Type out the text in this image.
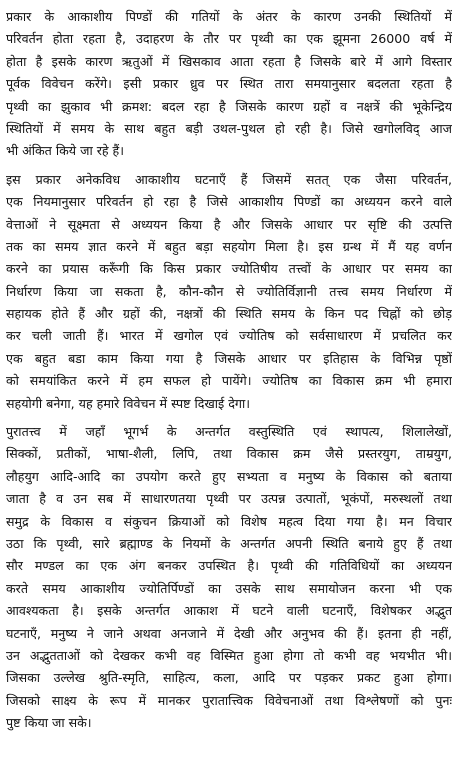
प्रकार के आकाशीय पिण्डों की गतियों के अंतर के कारण उनकी स्थितियों में
परिवर्तन होता रहता है, उदाहरण के तौर पर पृथ्वी का एक झूमना 26000 वर्ष में
होता है इसके कारण ऋतुओं में खिसकाव आता रहता है जिसके बारे में आगे विस्तार
पूर्वक विवेचन करेंगे। इसी प्रकार ध्रुव पर स्थित तारा समयानुसार बदलता रहता है
पृथ्वी का झुकाव भी क्रमश: बदल रहा है जिसके कारण ग्रहों व नक्षत्रें की भूकेन्द्रिय
स्थितियों में समय के साथ बहुत बड़ी उथल-पुथल हो रही है। जिसे खगोलविद् आज
भी अंकित किये जा रहे हैं।
इस प्रकार अनेकविध आकाशीय घटनाएँ हैं जिसमें सतत् एक जैसा परिवर्तन,
एक नियमानुसार परिवर्तन हो रहा है जिसे आकाशीय पिण्डों का अध्ययन करने वाले
वेत्ताओं ने सूक्ष्मता से अध्ययन किया है और जिसके आधार पर सृष्टि की उत्पत्ति
तक का समय ज्ञात करने में बहुत बड़ा सहयोग मिला है। इस ग्रन्थ में मैं यह वर्णन
करने का प्रयास करूँगी कि किस प्रकार ज्योतिषीय तत्त्वों के आधार पर समय का
निर्धारण किया जा सकता है, कौन-कौन से ज्योतिर्विज्ञानी तत्त्व समय निर्धारण में
सहायक होते हैं और ग्रहों की, नक्षत्रों की स्थिति समय के किन पद चिह्नों को छोड़
कर चली जाती हैं। भारत में खगोल एवं ज्योतिष को सर्वसाधारण में प्रचलित कर
एक बहुत बडा काम किया गया है जिसके आधार पर इतिहास के विभिन्न पृष्ठों
को समयांकित करने में हम सफल हो पायेंगे। ज्योतिष का विकास क्रम भी हमारा
सहयोगी बनेगा, यह हमारे विवेचन में स्पष्ट दिखाई देगा।
पुरातत्त्व में जहाँ भूगर्भ के अन्तर्गत वस्तुस्थिति एवं स्थापत्य, शिलालेखों,
सिक्कों, प्रतीकों, भाषा-शैली, लिपि, तथा विकास क्रम जैसे प्रस्तरयुग, ताम्रयुग,
लौहयुग आदि-आदि का उपयोग करते हुए सभ्यता व मनुष्य के विकास को बताया
जाता है व उन सब में साधारणतया पृथ्वी पर उत्पन्न उत्पातों, भूकंपों, मरुस्थलों तथा
समुद्र के विकास व संकुचन क्रियाओं को विशेष महत्व दिया गया है। मन विचार
उठा कि पृथ्वी, सारे ब्रह्माण्ड के नियमों के अन्तर्गत अपनी स्थिति बनाये हुए हैं तथा
सौर मण्डल का एक अंग बनकर उपस्थित है। पृथ्वी की गतिविधियों का अध्ययन
करते समय आकाशीय ज्योतिर्पिण्डों का उसके साथ समायोजन करना भी एक
आवश्यकता है। इसके अन्तर्गत आकाश में घटने वाली घटनाएँ, विशेषकर अद्भुत
घटनाएँ, मनुष्य ने जाने अथवा अनजाने में देखी और अनुभव की हैं। इतना ही नहीं,
उन अद्भुतताओं को देखकर कभी वह विस्मित हुआ होगा तो कभी वह भयभीत भी।
जिसका उल्लेख श्रुति-स्मृति, साहित्य, कला, आदि पर पड़कर प्रकट हुआ होगा।
जिसको साक्ष्य के रूप में मानकर पुरातात्त्विक विवेचनाओं तथा विश्लेषणों को पुनः
पुष्ट किया जा सके।
